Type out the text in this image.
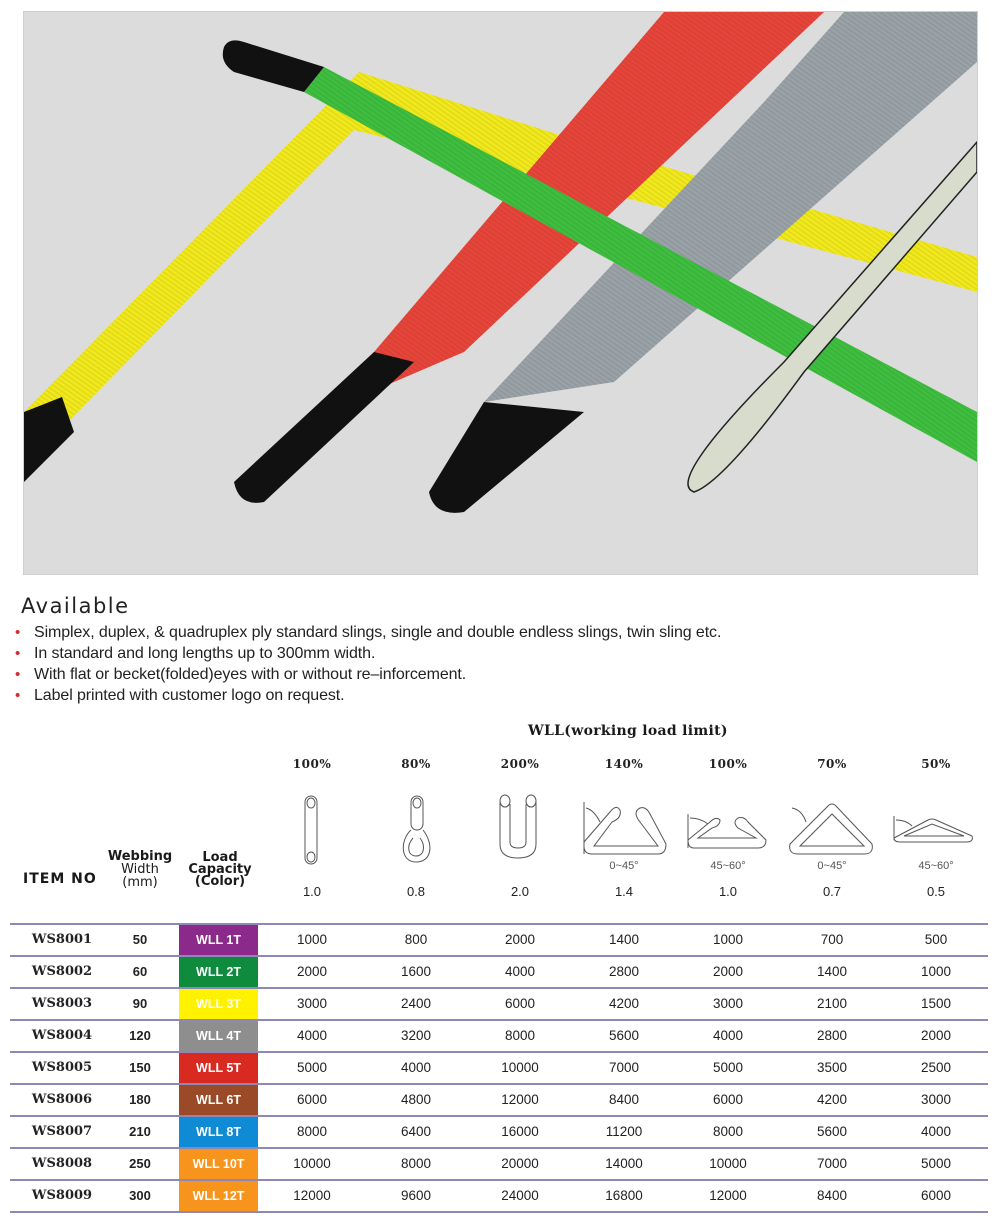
Available
• Simplex, duplex, & quadruplex ply standard slings, single and double endless slings, twin sling etc.
• In standard and long lengths up to 300mm width.
• With flat or becket(folded)eyes with or without re–inforcement.
• Label printed with customer logo on request.
WLL(working load limit)
ITEM NO
Webbing
Width
(mm)
Load
Capacity
(Color)
100%	80%	200%	140%	100%	70%	50%
0~45°	45~60°	0~45°	45~60°
1.0	0.8	2.0	1.4	1.0	0.7	0.5
WS8001	50	WLL 1T	1000	800	2000	1400	1000	700	500
WS8002	60	WLL 2T	2000	1600	4000	2800	2000	1400	1000
WS8003	90	WLL 3T	3000	2400	6000	4200	3000	2100	1500
WS8004	120	WLL 4T	4000	3200	8000	5600	4000	2800	2000
WS8005	150	WLL 5T	5000	4000	10000	7000	5000	3500	2500
WS8006	180	WLL 6T	6000	4800	12000	8400	6000	4200	3000
WS8007	210	WLL 8T	8000	6400	16000	11200	8000	5600	4000
WS8008	250	WLL 10T	10000	8000	20000	14000	10000	7000	5000
WS8009	300	WLL 12T	12000	9600	24000	16800	12000	8400	6000
